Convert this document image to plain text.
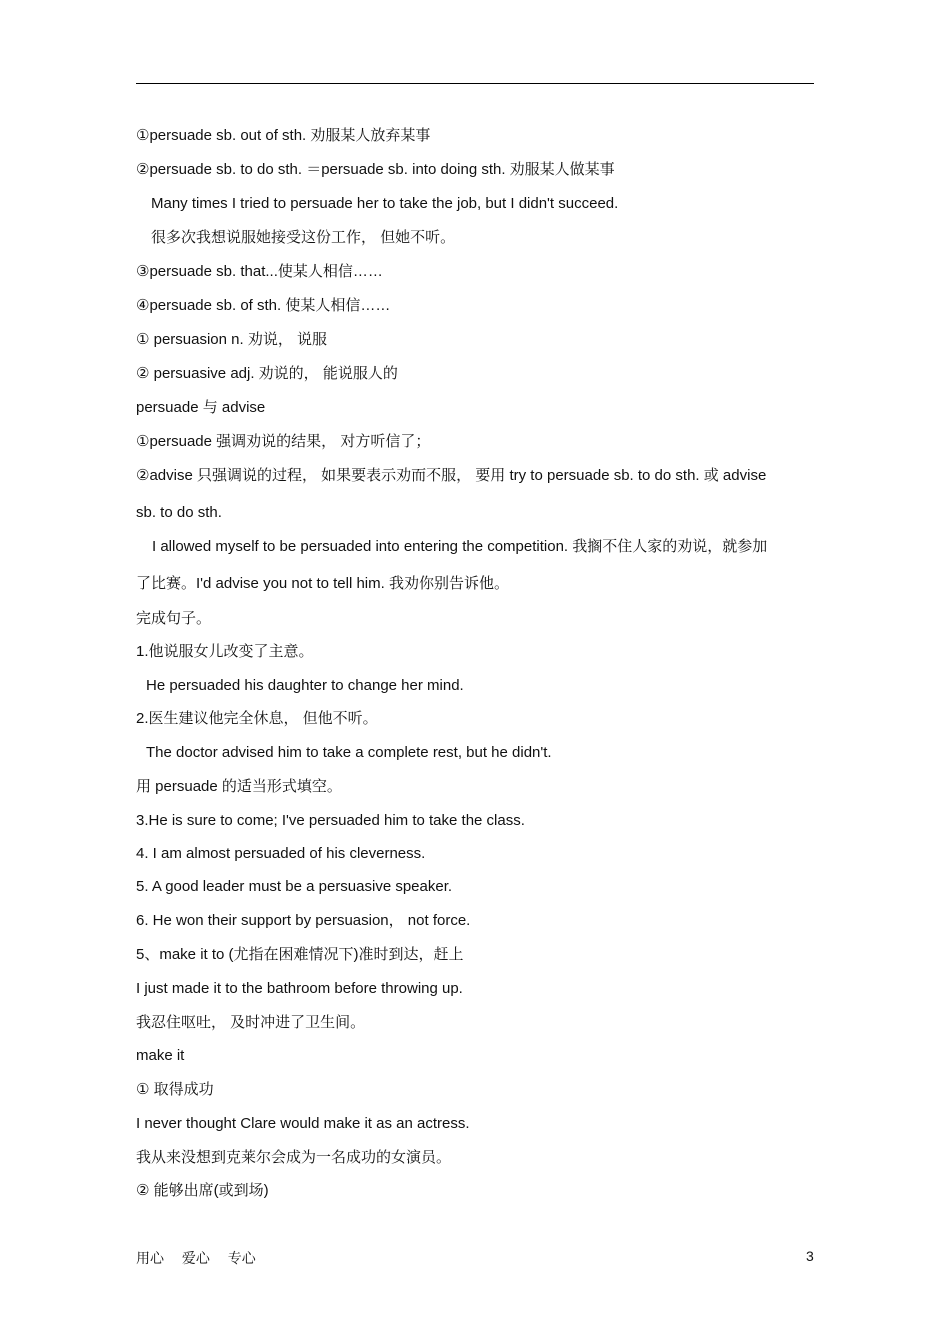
①persuade sb. out of sth. 劝服某人放弃某事
②persuade sb. to do sth. ＝persuade sb. into doing sth. 劝服某人做某事
Many times I tried to persuade her to take the job, but I didn't succeed.
很多次我想说服她接受这份工作， 但她不听。
③persuade sb. that...使某人相信……
④persuade sb. of sth. 使某人相信……
① persuasion n. 劝说， 说服
② persuasive adj. 劝说的， 能说服人的
persuade 与 advise
①persuade 强调劝说的结果， 对方听信了；
②advise 只强调说的过程， 如果要表示劝而不服， 要用 try to persuade sb. to do sth. 或 advise
sb. to do sth.
I allowed myself to be persuaded into entering the competition. 我搁不住人家的劝说，就参加
了比赛。I'd advise you not to tell him. 我劝你别告诉他。
完成句子。
1.他说服女儿改变了主意。
He persuaded his daughter to change her mind.
2.医生建议他完全休息， 但他不听。
The doctor advised him to take a complete rest, but he didn't.
用 persuade 的适当形式填空。
3.He is sure to come; I've persuaded him to take the class.
4. I am almost persuaded of his cleverness.
5. A good leader must be a persuasive speaker.
6. He won their support by persuasion， not force.
5、make it to (尤指在困难情况下)准时到达，赶上
I just made it to the bathroom before throwing up.
我忍住呕吐， 及时冲进了卫生间。
make it
① 取得成功
I never thought Clare would make it as an actress.
我从来没想到克莱尔会成为一名成功的女演员。
② 能够出席(或到场)
用心 爱心 专心	3
